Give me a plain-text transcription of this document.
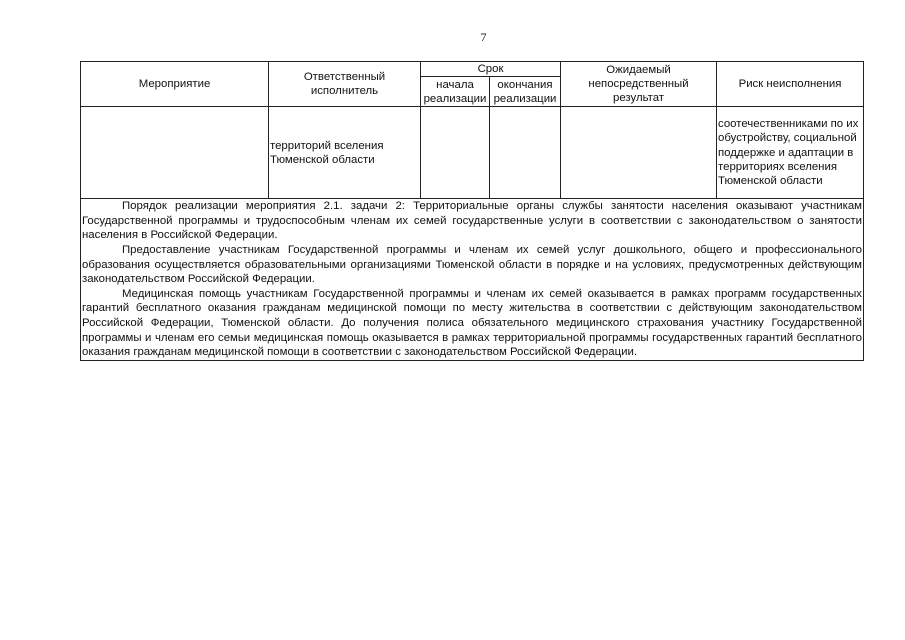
7
Мероприятие	Ответственный исполнитель	Срок		Ожидаемый непосредственный результат	Риск неисполнения
		начала реализации	окончания реализации		
	территорий вселения Тюменской области				соотечественниками по их обустройству, социальной поддержке и адаптации в территориях вселения Тюменской области

Порядок реализации мероприятия 2.1. задачи 2: Территориальные органы службы занятости населения оказывают участникам Государственной программы и трудоспособным членам их семей государственные услуги в соответствии с законодательством о занятости населения в Российской Федерации.

Предоставление участникам Государственной программы и членам их семей услуг дошкольного, общего и профессионального образования осуществляется образовательными организациями Тюменской области в порядке и на условиях, предусмотренных действующим законодательством Российской Федерации.

Медицинская помощь участникам Государственной программы и членам их семей оказывается в рамках программ государственных гарантий бесплатного оказания гражданам медицинской помощи по месту жительства в соответствии с действующим законодательством Российской Федерации, Тюменской области. До получения полиса обязательного медицинского страхования участнику Государственной программы и членам его семьи медицинская помощь оказывается в рамках территориальной программы государственных гарантий бесплатного оказания гражданам медицинской помощи в соответствии с законодательством Российской Федерации.					
